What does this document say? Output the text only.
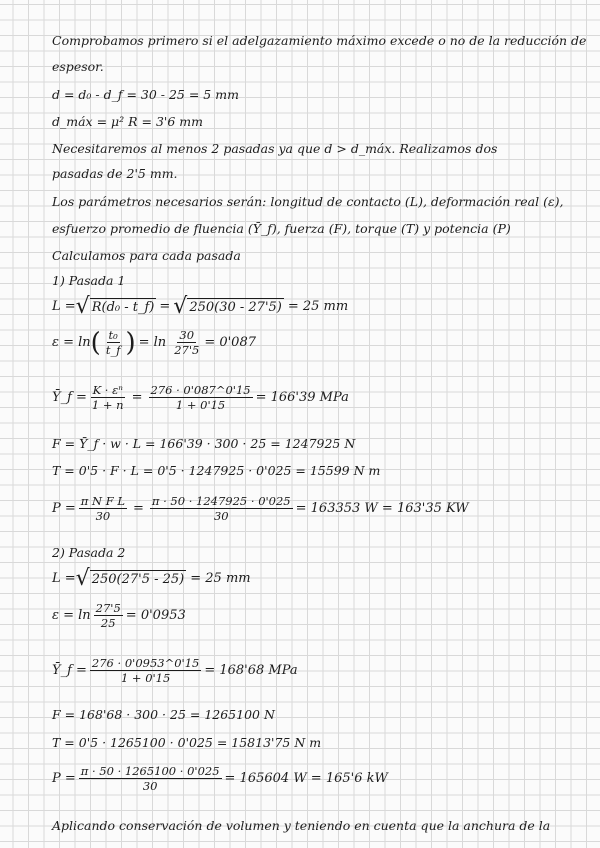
Comprobamos primero si el adelgazamiento máximo excede o no de la reducción de
espesor.
d = d₀ - d_f = 30 - 25 = 5 mm
d_máx = μ² R = 3'6 mm
Necesitaremos al menos 2 pasadas ya que d > d_máx. Realizamos dos
pasadas de 2'5 mm.
Los parámetros necesarios serán: longitud de contacto (L), deformación real (ε),
esfuerzo promedio de fluencia (Ȳ_f), fuerza (F), torque (T) y potencia (P)
Calculamos para cada pasada
1) Pasada 1
L = √ R(d₀ - t_f) = √ 250(30 - 27'5) = 25 mm
ε = ln ( $\frac{\text{t₀}}{t\_f}$ ) = $\ln \frac{30}{27'5} = 0'087$
Ȳ_f = $\frac{\text{K · εⁿ}}{1 + n} = \frac{276 \cdot 0'087\^{}0'15}{1 + 0'15} = 166'39$ MPa
F = Ȳ_f · w · L = 166'39 · 300 · 25 = 1247925 N
T = 0'5 · F · L = 0'5 · 1247925 · 0'025 = 15599 N m
$P = \frac{\text{π N F L}}{30} = \frac{\pi \cdot 50 \cdot 1247925 \cdot 0'025}{30} = 163353$ W = 163'35 KW
2) Pasada 2
L = √ 250(27'5 - 25) = 25 mm
$\varepsilon = \ln \frac{27'5}{25} = 0'0953$
Ȳ_f = $\frac{276 \cdot 0'0953\^{}0'15}{1 + 0'15} = 168'68$ MPa
F = 168'68 · 300 · 25 = 1265100 N
T = 0'5 · 1265100 · 0'025 = 15813'75 N m
$P = \frac{\pi \cdot 50 \cdot 1265100 \cdot 0'025}{30} = 165604$ W = 165'6 kW
Aplicando conservación de volumen y teniendo en cuenta que la anchura de la
